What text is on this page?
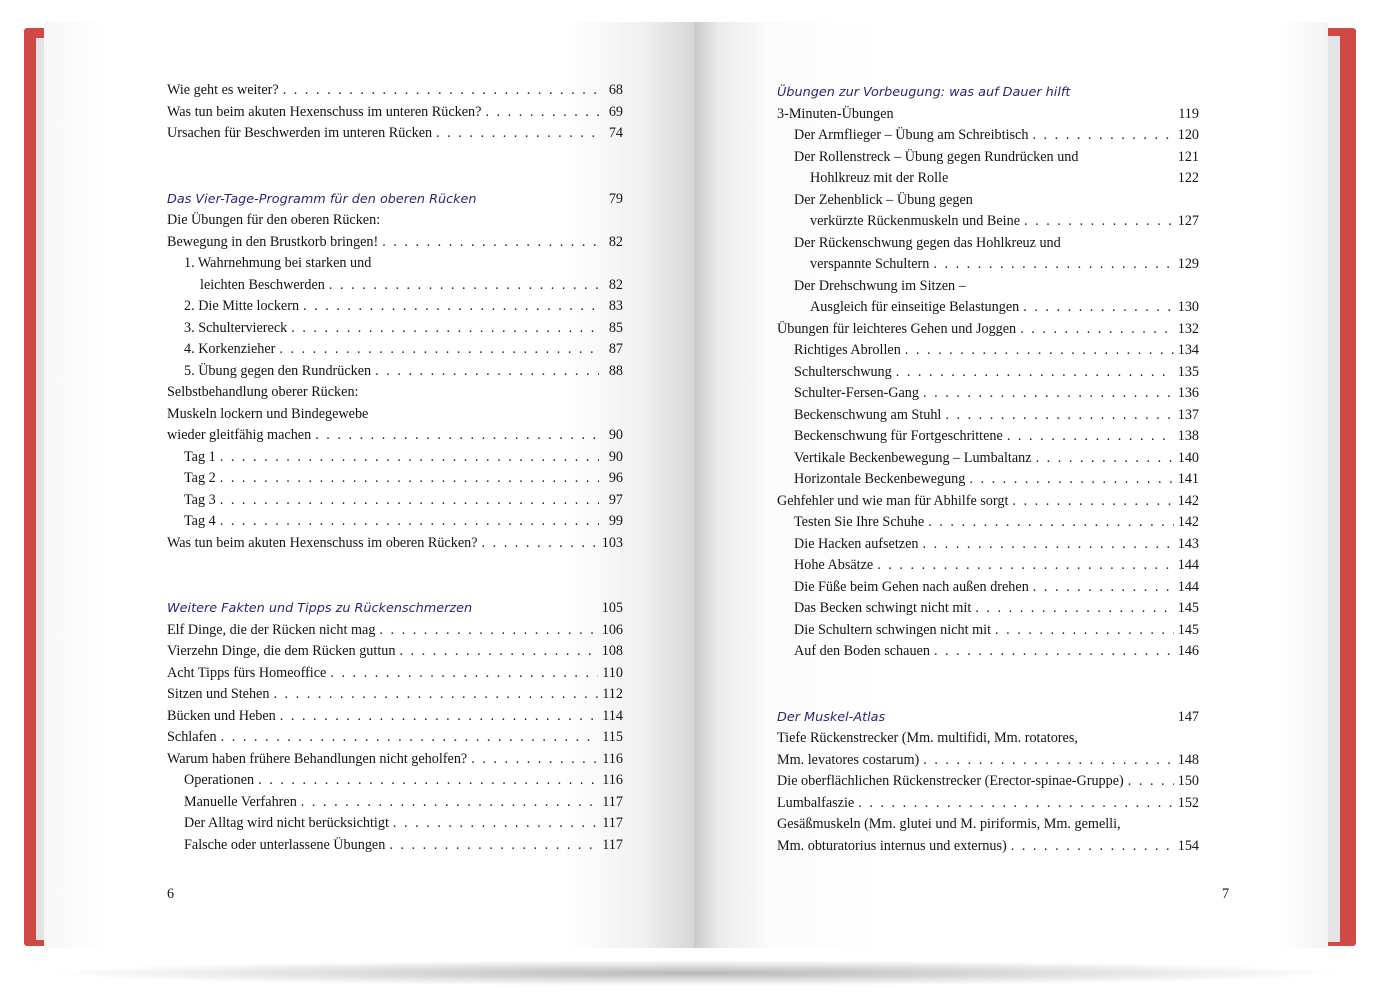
Wie geht es weiter? . . .	68
Was tun beim akuten Hexenschuss im unteren Rücken? . . .	69
Ursachen für Beschwerden im unteren Rücken . . .	74
Das Vier-Tage-Programm für den oberen Rücken	79
Die Übungen für den oberen Rücken:
Bewegung in den Brustkorb bringen! . . .	82
1. Wahrnehmung bei starken und
leichten Beschwerden . . .	82
2. Die Mitte lockern . . .	83
3. Schulterviereck . . .	85
4. Korkenzieher . . .	87
5. Übung gegen den Rundrücken . . .	88
Selbstbehandlung oberer Rücken:
Muskeln lockern und Bindegewebe
wieder gleitfähig machen . . .	90
Tag 1 . . .	90
Tag 2 . . .	96
Tag 3 . . .	97
Tag 4 . . .	99
Was tun beim akuten Hexenschuss im oberen Rücken? . . .	103
Weitere Fakten und Tipps zu Rückenschmerzen	105
Elf Dinge, die der Rücken nicht mag . . .	106
Vierzehn Dinge, die dem Rücken guttun . . .	108
Acht Tipps fürs Homeoffice . . .	110
Sitzen und Stehen . . .	112
Bücken und Heben . . .	114
Schlafen . . .	115
Warum haben frühere Behandlungen nicht geholfen? . . .	116
Operationen . . .	116
Manuelle Verfahren . . .	117
Der Alltag wird nicht berücksichtigt . . .	117
Falsche oder unterlassene Übungen . . .	117
6
Übungen zur Vorbeugung: was auf Dauer hilft
3-Minuten-Übungen	119
Der Armflieger – Übung am Schreibtisch . . .	120
Der Rollenstreck – Übung gegen Rundrücken und	121
Hohlkreuz mit der Rolle	122
Der Zehenblick – Übung gegen
verkürzte Rückenmuskeln und Beine . . .	127
Der Rückenschwung gegen das Hohlkreuz und
verspannte Schultern . . .	129
Der Drehschwung im Sitzen –
Ausgleich für einseitige Belastungen . . .	130
Übungen für leichteres Gehen und Joggen . . .	132
Richtiges Abrollen . . .	134
Schulterschwung . . .	135
Schulter-Fersen-Gang . . .	136
Beckenschwung am Stuhl . . .	137
Beckenschwung für Fortgeschrittene . . .	138
Vertikale Beckenbewegung – Lumbaltanz . . .	140
Horizontale Beckenbewegung . . .	141
Gehfehler und wie man für Abhilfe sorgt . . .	142
Testen Sie Ihre Schuhe . . .	142
Die Hacken aufsetzen . . .	143
Hohe Absätze . . .	144
Die Füße beim Gehen nach außen drehen . . .	144
Das Becken schwingt nicht mit . . .	145
Die Schultern schwingen nicht mit . . .	145
Auf den Boden schauen . . .	146
Der Muskel-Atlas	147
Tiefe Rückenstrecker (Mm. multifidi, Mm. rotatores,
Mm. levatores costarum) . . .	148
Die oberflächlichen Rückenstrecker (Erector-spinae-Gruppe) . . .	150
Lumbalfaszie . . .	152
Gesäßmuskeln (Mm. glutei und M. piriformis, Mm. gemelli,
Mm. obturatorius internus und externus) . . .	154
7
